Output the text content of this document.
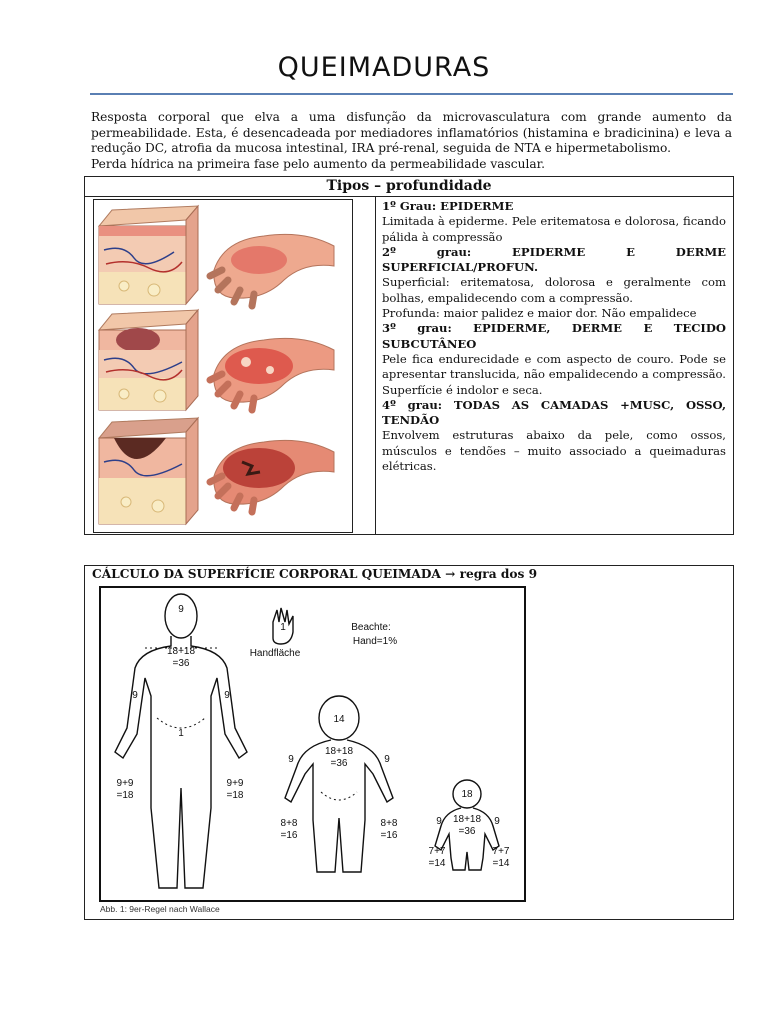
QUEIMADURAS

Resposta corporal que elva a uma disfunção da microvasculatura com grande aumento da permeabilidade. Esta, é desencadeada por mediadores inflamatórios (histamina e bradicinina) e leva a redução DC, atrofia da mucosa intestinal, IRA pré-renal, seguida de NTA e hipermetabolismo.

Perda hídrica na primeira fase pelo aumento da permeabilidade vascular.

Tipos – profundidade

1º Grau: EPIDERME

Limitada à epiderme. Pele eritematosa e dolorosa, ficando pálida à compressão

2º grau: EPIDERME E DERME SUPERFICIAL/PROFUN.

Superficial: eritematosa, dolorosa e geralmente com bolhas, empalidecendo com a compressão.

Profunda: maior palidez e maior dor. Não empalidece

3º grau: EPIDERME, DERME E TECIDO SUBCUTÂNEO

Pele fica endurecidade e com aspecto de couro. Pode se apresentar translucida, não empalidecendo a compressão. Superfície é indolor e seca.

4º grau: TODAS AS CAMADAS +MUSC, OSSO, TENDÃO

Envolvem estruturas abaixo da pele, como ossos, músculos e tendões – muito associado a queimaduras elétricas.

CÁLCULO DA SUPERFÍCIE CORPORAL QUEIMADA → regra dos 9
9
18+18
=36
9	9
1
9+9
=18
9+9
=18
1
Handfläche
Beachte:
Hand=1%
14
18+18
=36
9	9
8+8
=16
8+8
=16
18
18+18
=36
9	9
7+7
=14
7+7
=14
Abb. 1: 9er-Regel nach Wallace
